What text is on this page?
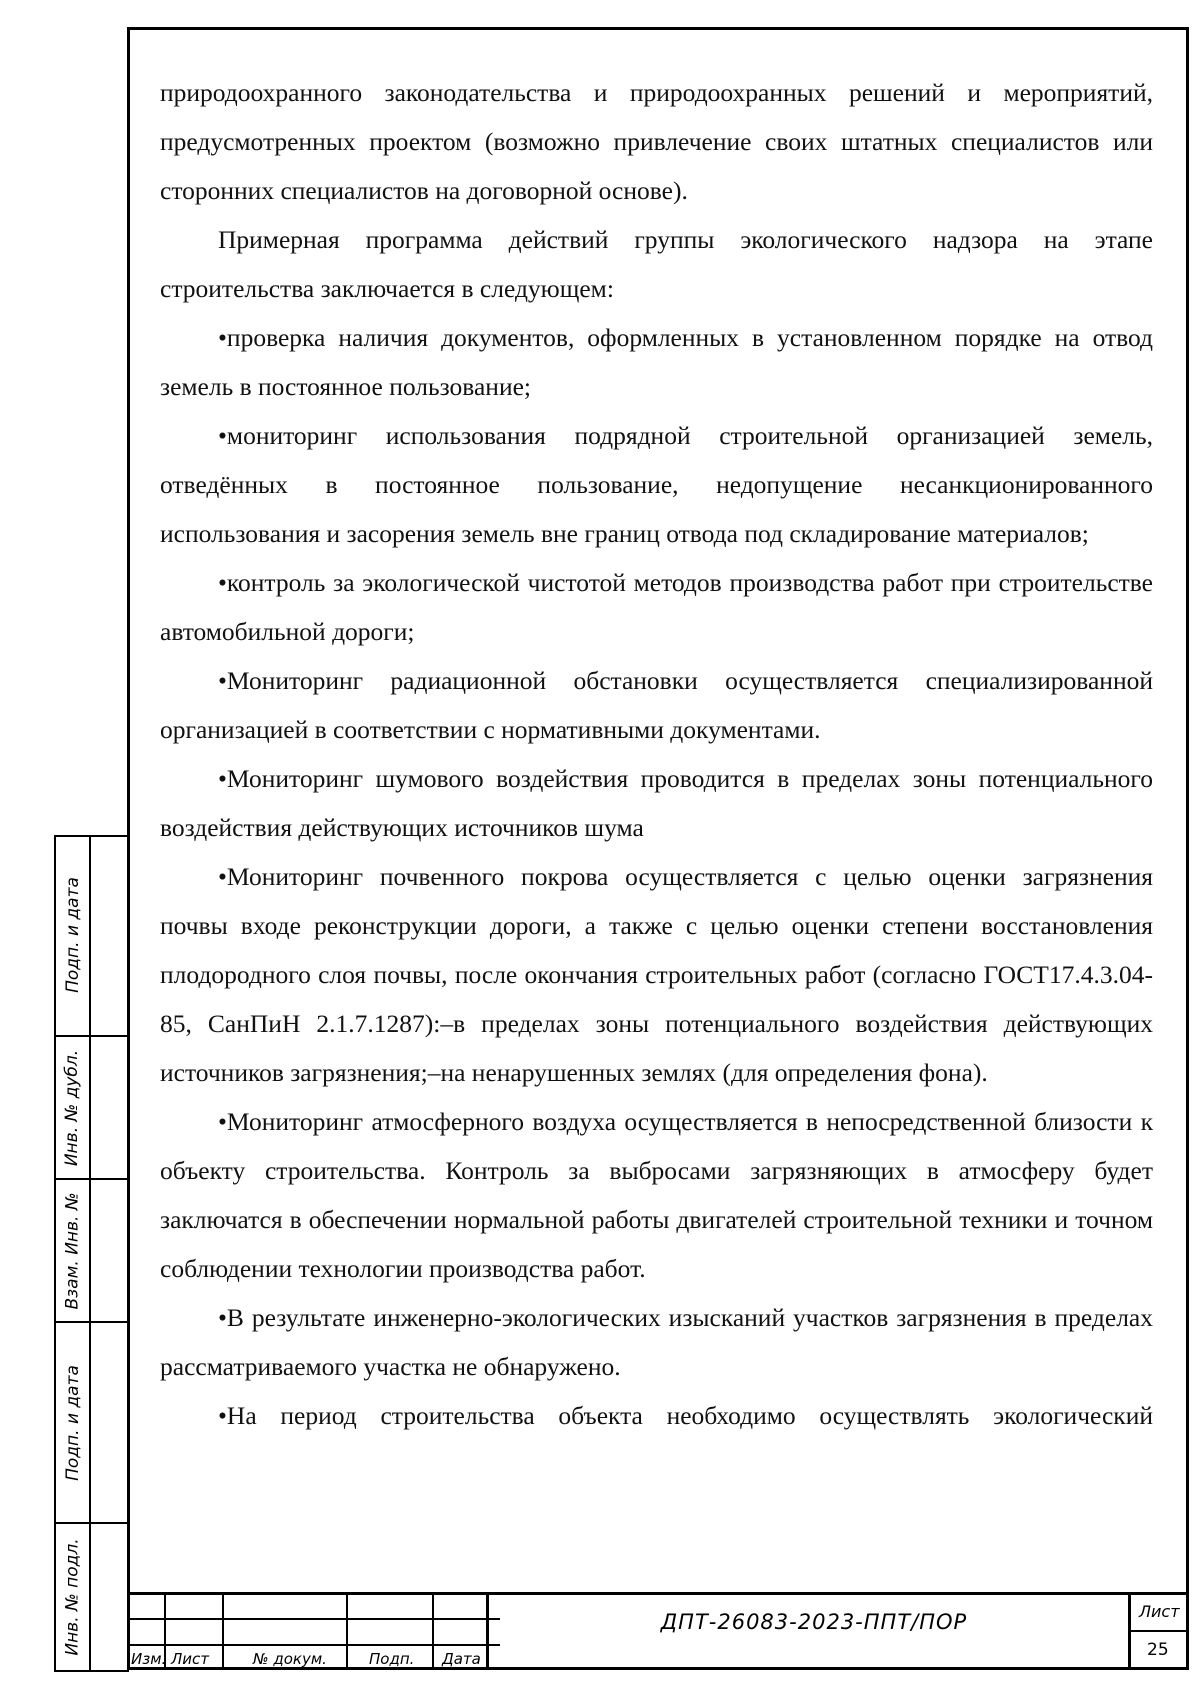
природоохранного законодательства и природоохранных решений и мероприятий, предусмотренных проектом (возможно привлечение своих штатных специалистов или сторонних специалистов на договорной основе).

Примерная программа действий группы экологического надзора на этапе строительства заключается в следующем:

•проверка наличия документов, оформленных в установленном порядке на отвод земель в постоянное пользование;

•мониторинг использования подрядной строительной организацией земель, отведённых в постоянное пользование, недопущение несанкционированного использования и засорения земель вне границ отвода под складирование материалов;

•контроль за экологической чистотой методов производства работ при строительстве автомобильной дороги;

•Мониторинг радиационной обстановки осуществляется специализированной организацией в соответствии с нормативными документами.

•Мониторинг шумового воздействия проводится в пределах зоны потенциального воздействия действующих источников шума

•Мониторинг почвенного покрова осуществляется с целью оценки загрязнения почвы входе реконструкции дороги, а также с целью оценки степени восстановления плодородного слоя почвы, после окончания строительных работ (согласно ГОСТ17.4.3.04-85, СанПиН 2.1.7.1287):–в пределах зоны потенциального воздействия действующих источников загрязнения;–на ненарушенных землях (для определения фона).

•Мониторинг атмосферного воздуха осуществляется в непосредственной близости к объекту строительства. Контроль за выбросами загрязняющих в атмосферу будет заключатся в обеспечении нормальной работы двигателей строительной техники и точном соблюдении технологии производства работ.

•В результате инженерно-экологических изысканий участков загрязнения в пределах рассматриваемого участка не обнаружено.

•На период строительства объекта необходимо осуществлять экологический

Подп. и дата
Инв. № дубл.
Взам. Инв. №
Подп. и дата
Инв. № подл.
Изм. Лист	№ докум.	Подп. Дата
Лист
25
ДПТ-26083-2023-ППТ/ПОР
